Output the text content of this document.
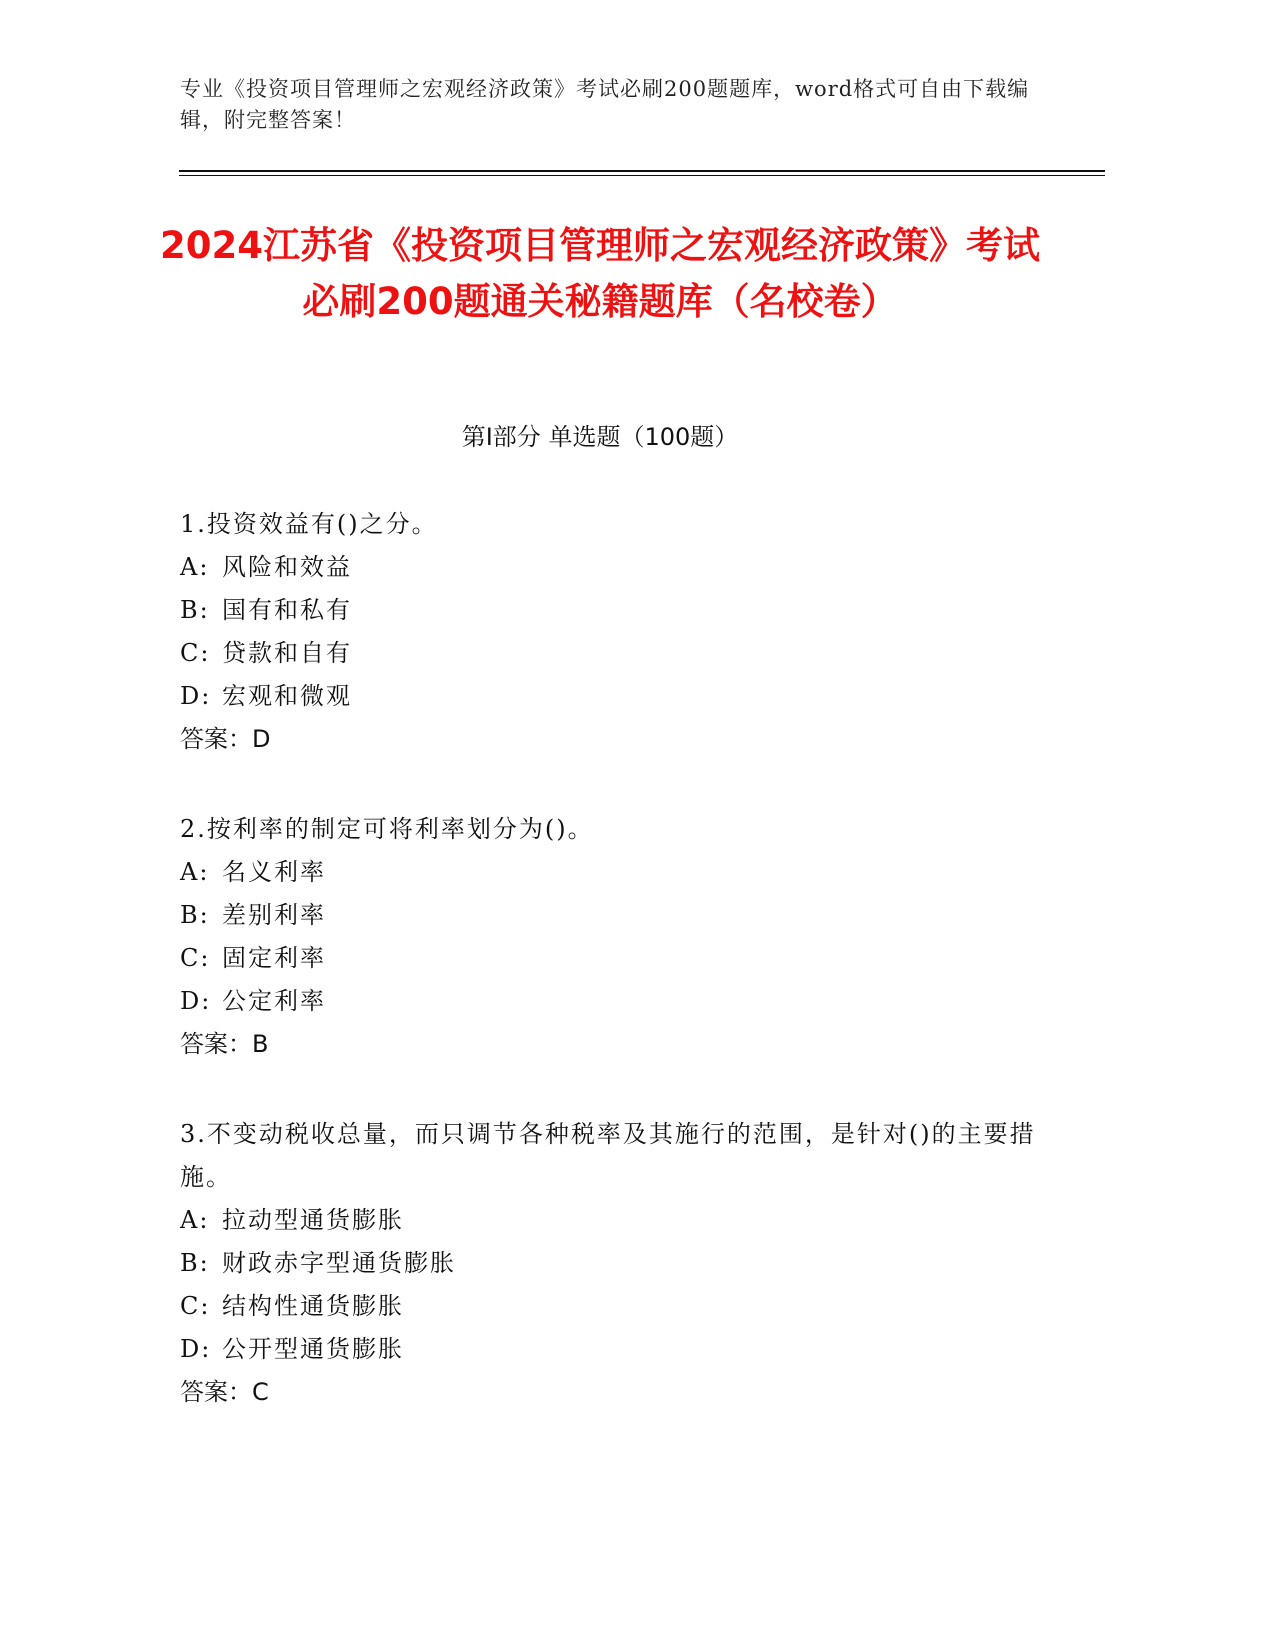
专业《投资项目管理师之宏观经济政策》考试必刷200题题库，word格式可自由下载编辑，附完整答案！
2024江苏省《投资项目管理师之宏观经济政策》考试必刷200题通关秘籍题库（名校卷）
第Ⅰ部分 单选题（100题）
1.投资效益有()之分。
A: 风险和效益
B: 国有和私有
C: 贷款和自有
D: 宏观和微观
答案：D
2.按利率的制定可将利率划分为()。
A: 名义利率
B: 差别利率
C: 固定利率
D: 公定利率
答案：B
3.不变动税收总量，而只调节各种税率及其施行的范围，是针对()的主要措施。
A: 拉动型通货膨胀
B: 财政赤字型通货膨胀
C: 结构性通货膨胀
D: 公开型通货膨胀
答案：C
